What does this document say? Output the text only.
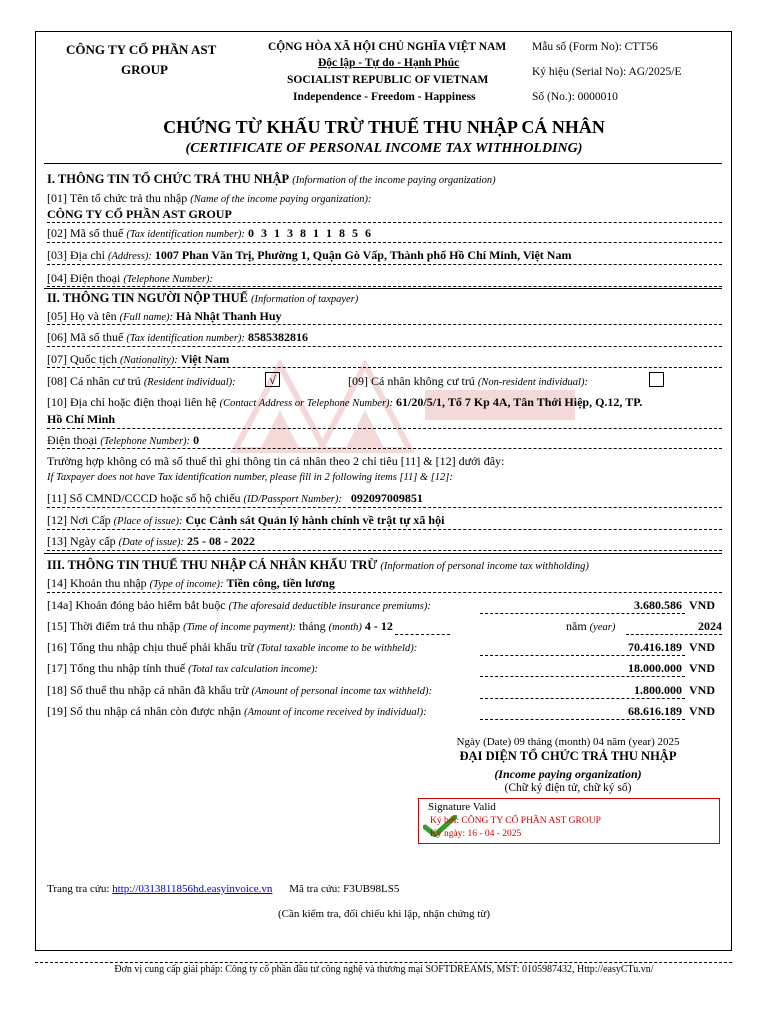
CÔNG TY CỔ PHẦN AST
GROUP
CỘNG HÒA XÃ HỘI CHỦ NGHĨA VIỆT NAM
Độc lập - Tự do - Hạnh Phúc
SOCIALIST REPUBLIC OF VIETNAM
Independence - Freedom - Happiness
Mẫu số (Form No): CTT56
Ký hiệu (Serial No): AG/2025/E
Số (No.): 0000010
CHỨNG TỪ KHẤU TRỪ THUẾ THU NHẬP CÁ NHÂN
(CERTIFICATE OF PERSONAL INCOME TAX WITHHOLDING)
I. THÔNG TIN TỔ CHỨC TRẢ THU NHẬP (Information of the income paying organization)
[01] Tên tổ chức trả thu nhập (Name of the income paying organization):
CÔNG TY CỔ PHẦN AST GROUP
[02] Mã số thuế (Tax identification number): 0 3 1 3 8 1 1 8 5 6
[03] Địa chỉ (Address): 1007 Phan Văn Trị, Phường 1, Quận Gò Vấp, Thành phố Hồ Chí Minh, Việt Nam
[04] Điện thoại (Telephone Number):
II. THÔNG TIN NGƯỜI NỘP THUẾ (Information of taxpayer)
[05] Họ và tên (Full name): Hà Nhật Thanh Huy
[06] Mã số thuế (Tax identification number): 8585382816
[07] Quốc tịch (Nationality): Việt Nam
[08] Cá nhân cư trú (Resident individual):	√	[09] Cá nhân không cư trú (Non-resident individual):
[10] Địa chỉ hoặc điện thoại liên hệ (Contact Address or Telephone Number): 61/20/5/1, Tổ 7 Kp 4A, Tân Thới Hiệp, Q.12, TP.
Hồ Chí Minh
Điện thoại (Telephone Number): 0
Trường hợp không có mã số thuế thì ghi thông tin cá nhân theo 2 chỉ tiêu [11] & [12] dưới đây:
If Taxpayer does not have Tax identification number, please fill in 2 following items [11] & [12]:
[11] Số CMND/CCCD hoặc số hộ chiếu (ID/Passport Number): 092097009851
[12] Nơi Cấp (Place of issue): Cục Cảnh sát Quản lý hành chính về trật tự xã hội
[13] Ngày cấp (Date of issue): 25 - 08 - 2022
III. THÔNG TIN THUẾ THU NHẬP CÁ NHÂN KHẤU TRỪ (Information of personal income tax withholding)
[14] Khoản thu nhập (Type of income): Tiền công, tiền lương
[14a] Khoản đóng bảo hiểm bắt buộc (The aforesaid deductible insurance premiums):	3.680.586 VND
[15] Thời điểm trả thu nhập (Time of income payment): tháng (month) 4 - 12	năm (year)	2024
[16] Tổng thu nhập chịu thuế phải khấu trừ (Total taxable income to be withheld):	70.416.189 VND
[17] Tổng thu nhập tính thuế (Total tax calculation income):	18.000.000 VND
[18] Số thuế thu nhập cá nhân đã khấu trừ (Amount of personal income tax withheld):	1.800.000 VND
[19] Số thu nhập cá nhân còn được nhận (Amount of income received by individual):	68.616.189 VND
Ngày (Date) 09 tháng (month) 04 năm (year) 2025
ĐẠI DIỆN TỔ CHỨC TRẢ THU NHẬP
(Income paying organization)
(Chữ ký điện tử, chữ ký số)
Signature Valid
Ký bởi: CÔNG TY CỔ PHẦN AST GROUP
Ký ngày: 16 - 04 - 2025
Trang tra cứu: http://0313811856hd.easyinvoice.vn Mã tra cứu: F3UB98LS5
(Cần kiểm tra, đối chiếu khi lập, nhận chứng từ)
Đơn vị cung cấp giải pháp: Công ty cổ phần đầu tư công nghệ và thương mại SOFTDREAMS, MST: 0105987432, Http://easyCTu.vn/
